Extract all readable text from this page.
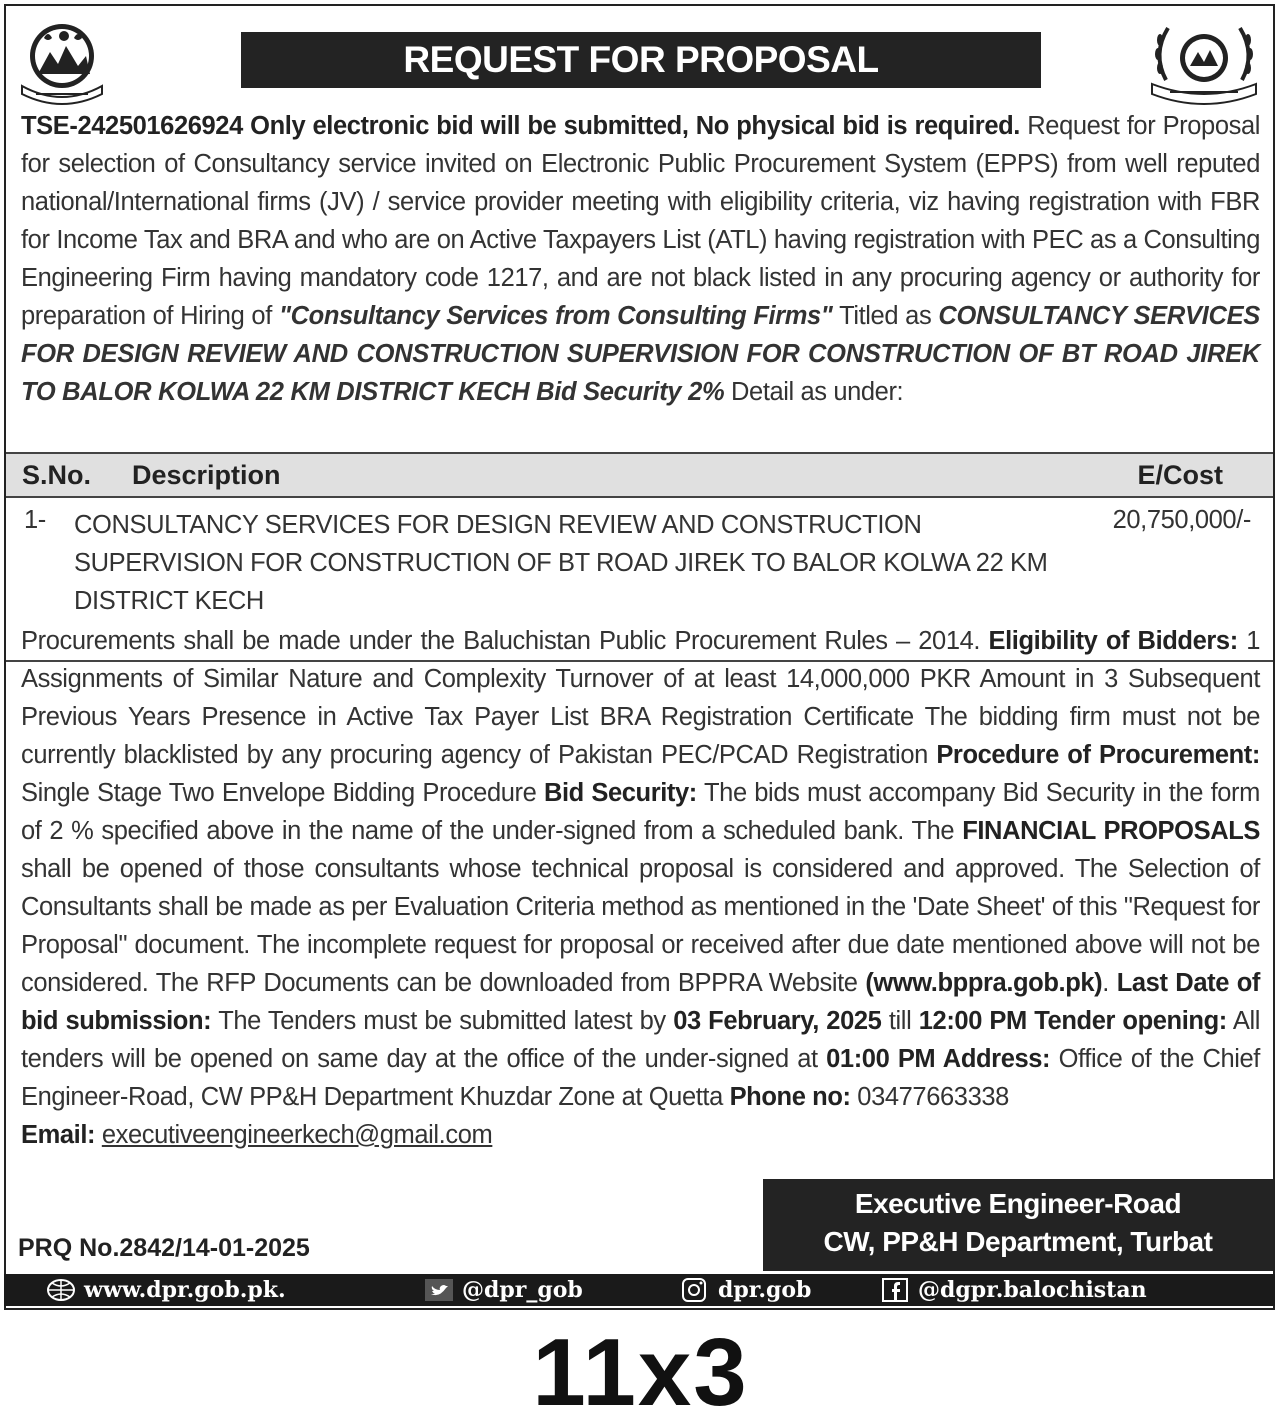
REQUEST FOR PROPOSAL
TSE-242501626924 Only electronic bid will be submitted, No physical bid is required. Request for Proposal for selection of Consultancy service invited on Electronic Public Procurement System (EPPS) from well reputed national/International firms (JV) / service provider meeting with eligibility criteria, viz having registration with FBR for Income Tax and BRA and who are on Active Taxpayers List (ATL) having registration with PEC as a Consulting Engineering Firm having mandatory code 1217, and are not black listed in any procuring agency or authority for preparation of Hiring of "Consultancy Services from Consulting Firms" Titled as CONSULTANCY SERVICES FOR DESIGN REVIEW AND CONSTRUCTION SUPERVISION FOR CONSTRUCTION OF BT ROAD JIREK TO BALOR KOLWA 22 KM DISTRICT KECH Bid Security 2% Detail as under:
S.No. Description	E/Cost
1- CONSULTANCY SERVICES FOR DESIGN REVIEW AND CONSTRUCTION SUPERVISION FOR CONSTRUCTION OF BT ROAD JIREK TO BALOR KOLWA 22 KM DISTRICT KECH
20,750,000/-
Procurements shall be made under the Baluchistan Public Procurement Rules – 2014. Eligibility of Bidders: 1 Assignments of Similar Nature and Complexity Turnover of at least 14,000,000 PKR Amount in 3 Subsequent Previous Years Presence in Active Tax Payer List BRA Registration Certificate The bidding firm must not be currently blacklisted by any procuring agency of Pakistan PEC/PCAD Registration Procedure of Procurement: Single Stage Two Envelope Bidding Procedure Bid Security: The bids must accompany Bid Security in the form of 2 % specified above in the name of the under-signed from a scheduled bank. The FINANCIAL PROPOSALS shall be opened of those consultants whose technical proposal is considered and approved. The Selection of Consultants shall be made as per Evaluation Criteria method as mentioned in the 'Date Sheet' of this "Request for Proposal" document. The incomplete request for proposal or received after due date mentioned above will not be considered. The RFP Documents can be downloaded from BPPRA Website (www.bppra.gob.pk). Last Date of bid submission: The Tenders must be submitted latest by 03 February, 2025 till 12:00 PM Tender opening: All tenders will be opened on same day at the office of the under-signed at 01:00 PM Address: Office of the Chief Engineer-Road, CW PP&H Department Khuzdar Zone at Quetta Phone no: 03477663338
Email: executiveengineerkech@gmail.com
Executive Engineer-Road
CW, PP&H Department, Turbat
PRQ No.2842/14-01-2025
www.dpr.gob.pk.	@dpr_gob	dpr.gob	@dgpr.balochistan
11x3
